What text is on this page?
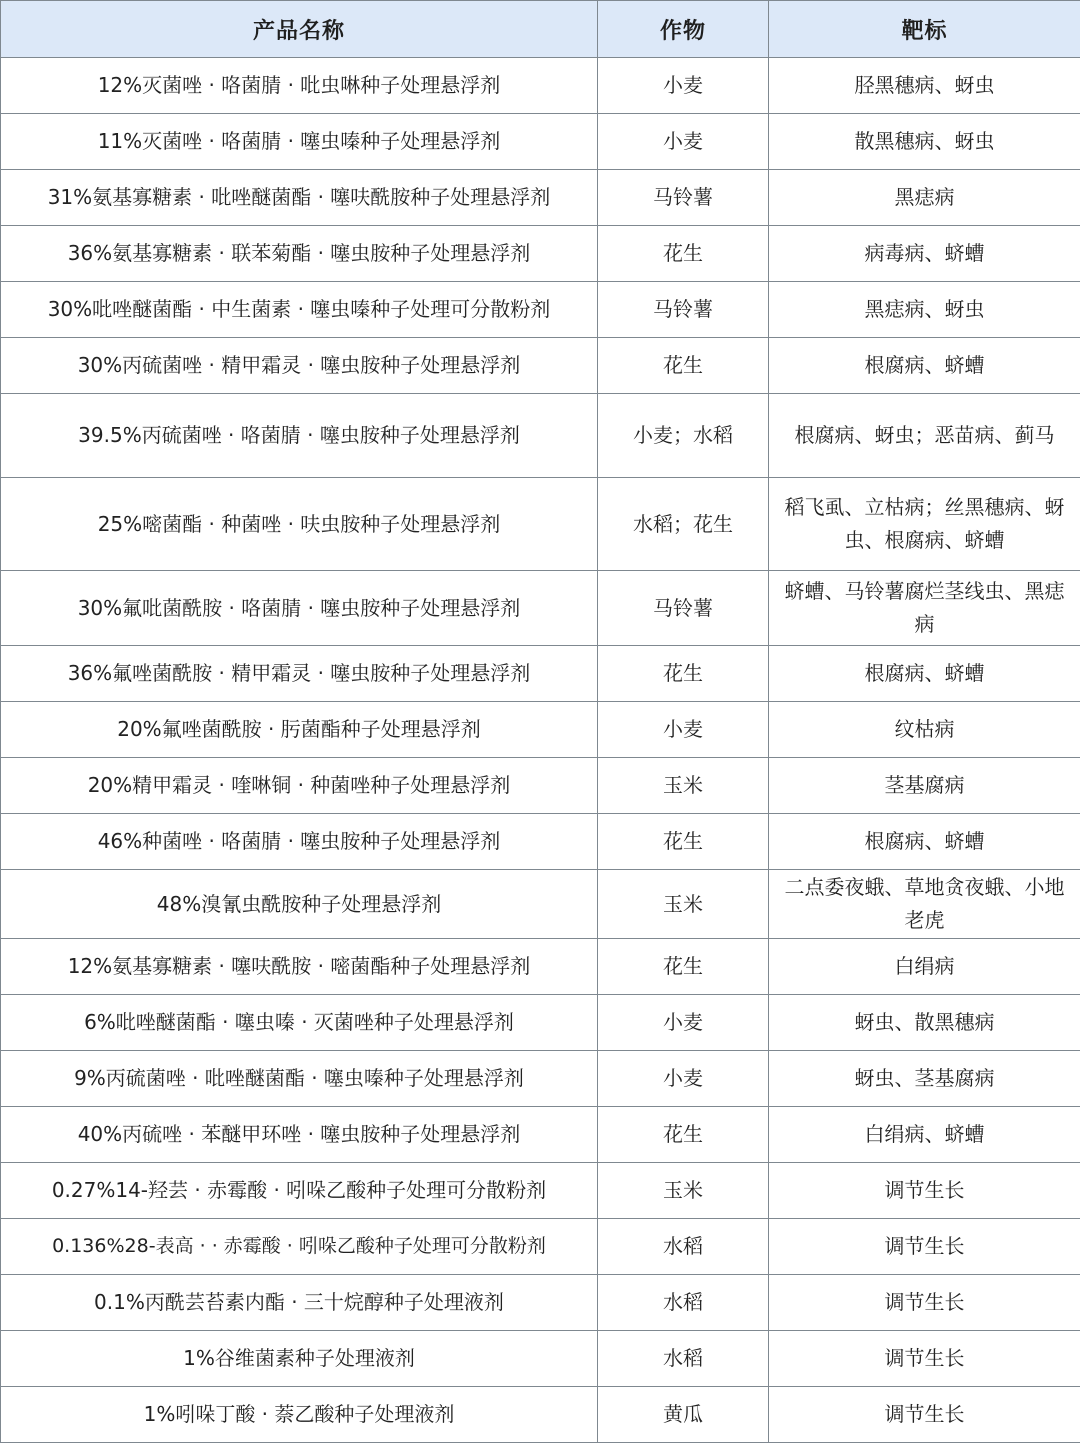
产品名称	作物	靶标
12%灭菌唑 · 咯菌腈 · 吡虫啉种子处理悬浮剂	小麦	胫黑穗病、蚜虫
11%灭菌唑 · 咯菌腈 · 噻虫嗪种子处理悬浮剂	小麦	散黑穗病、蚜虫
31%氨基寡糖素 · 吡唑醚菌酯 · 噻呋酰胺种子处理悬浮剂	马铃薯	黑痣病
36%氨基寡糖素 · 联苯菊酯 · 噻虫胺种子处理悬浮剂	花生	病毒病、蛴螬
30%吡唑醚菌酯 · 中生菌素 · 噻虫嗪种子处理可分散粉剂	马铃薯	黑痣病、蚜虫
30%丙硫菌唑 · 精甲霜灵 · 噻虫胺种子处理悬浮剂	花生	根腐病、蛴螬
39.5%丙硫菌唑 · 咯菌腈 · 噻虫胺种子处理悬浮剂	小麦；水稻	根腐病、蚜虫；恶苗病、蓟马
25%嘧菌酯 · 种菌唑 · 呋虫胺种子处理悬浮剂	水稻；花生	稻飞虱、立枯病；丝黑穗病、蚜虫、根腐病、蛴螬
30%氟吡菌酰胺 · 咯菌腈 · 噻虫胺种子处理悬浮剂	马铃薯	蛴螬、马铃薯腐烂茎线虫、黑痣病
36%氟唑菌酰胺 · 精甲霜灵 · 噻虫胺种子处理悬浮剂	花生	根腐病、蛴螬
20%氟唑菌酰胺 · 肟菌酯种子处理悬浮剂	小麦	纹枯病
20%精甲霜灵 · 喹啉铜 · 种菌唑种子处理悬浮剂	玉米	茎基腐病
46%种菌唑 · 咯菌腈 · 噻虫胺种子处理悬浮剂	花生	根腐病、蛴螬
48%溴氰虫酰胺种子处理悬浮剂	玉米	二点委夜蛾、草地贪夜蛾、小地老虎
12%氨基寡糖素 · 噻呋酰胺 · 嘧菌酯种子处理悬浮剂	花生	白绢病
6%吡唑醚菌酯 · 噻虫嗪 · 灭菌唑种子处理悬浮剂	小麦	蚜虫、散黑穗病
9%丙硫菌唑 · 吡唑醚菌酯 · 噻虫嗪种子处理悬浮剂	小麦	蚜虫、茎基腐病
40%丙硫唑 · 苯醚甲环唑 · 噻虫胺种子处理悬浮剂	花生	白绢病、蛴螬
0.27%14-羟芸 · 赤霉酸 · 吲哚乙酸种子处理可分散粉剂	玉米	调节生长
0.136%28-表高 · · 赤霉酸 · 吲哚乙酸种子处理可分散粉剂	水稻	调节生长
0.1%丙酰芸苔素内酯 · 三十烷醇种子处理液剂	水稻	调节生长
1%谷维菌素种子处理液剂	水稻	调节生长
1%吲哚丁酸 · 萘乙酸种子处理液剂	黄瓜	调节生长
